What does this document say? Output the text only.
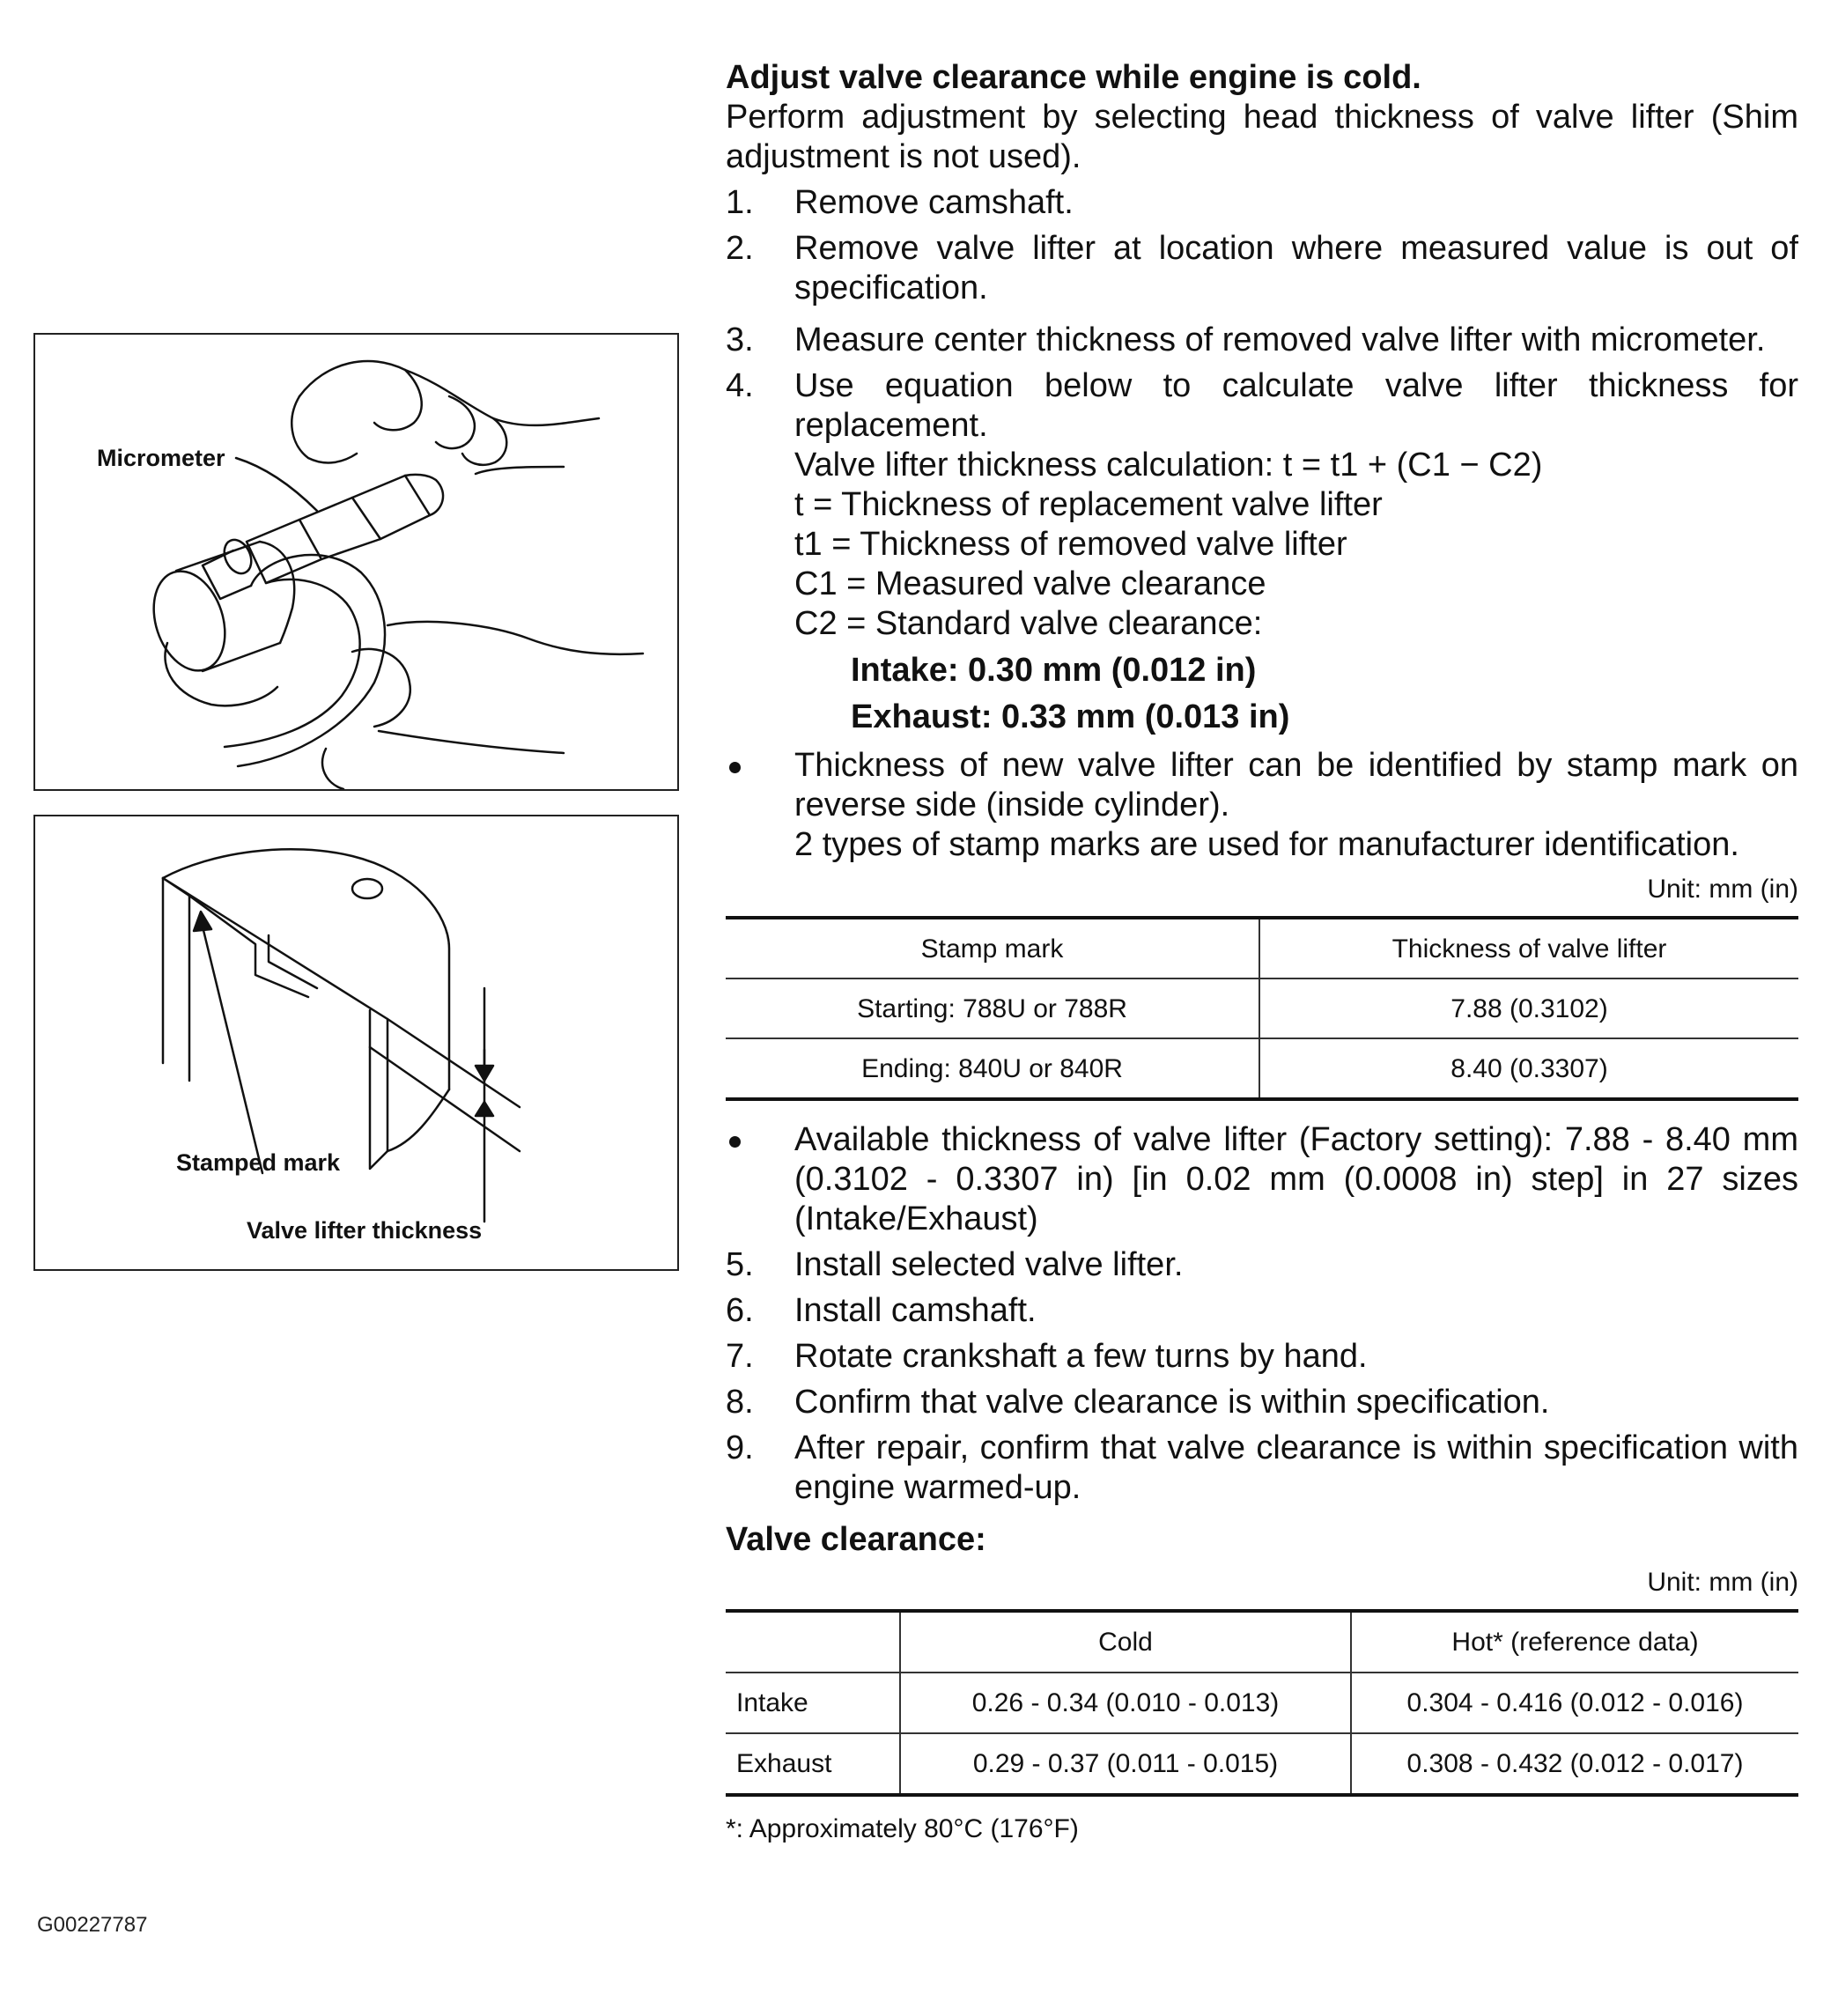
Micrometer
Stamped mark
Valve lifter thickness
G00227787

Adjust valve clearance while engine is cold.

Perform adjustment by selecting head thickness of valve lifter (Shim adjustment is not used).

1.	Remove camshaft.
2.	Remove valve lifter at location where measured value is out of specification.
3.	Measure center thickness of removed valve lifter with micrometer.
4.	Use equation below to calculate valve lifter thickness for replacement.

Valve lifter thickness calculation: t = t1 + (C1 − C2)

t = Thickness of replacement valve lifter

t1 = Thickness of removed valve lifter

C1 = Measured valve clearance

C2 = Standard valve clearance:

Intake: 0.30 mm (0.012 in)

Exhaust: 0.33 mm (0.013 in)

Thickness of new valve lifter can be identified by stamp mark on reverse side (inside cylinder).

2 types of stamp marks are used for manufacturer identification.

Unit: mm (in)
Stamp mark	Thickness of valve lifter
Starting: 788U or 788R	7.88 (0.3102)
Ending: 840U or 840R	8.40 (0.3307)
Available thickness of valve lifter (Factory setting): 7.88 - 8.40 mm (0.3102 - 0.3307 in) [in 0.02 mm (0.0008 in) step] in 27 sizes (Intake/Exhaust)
5.	Install selected valve lifter.
6.	Install camshaft.
7.	Rotate crankshaft a few turns by hand.
8.	Confirm that valve clearance is within specification.
9.	After repair, confirm that valve clearance is within specification with engine warmed-up.

Valve clearance:

Unit: mm (in)
	Cold	Hot* (reference data)
Intake	0.26 - 0.34 (0.010 - 0.013)	0.304 - 0.416 (0.012 - 0.016)
Exhaust	0.29 - 0.37 (0.011 - 0.015)	0.308 - 0.432 (0.012 - 0.017)

*: Approximately 80°C (176°F)
